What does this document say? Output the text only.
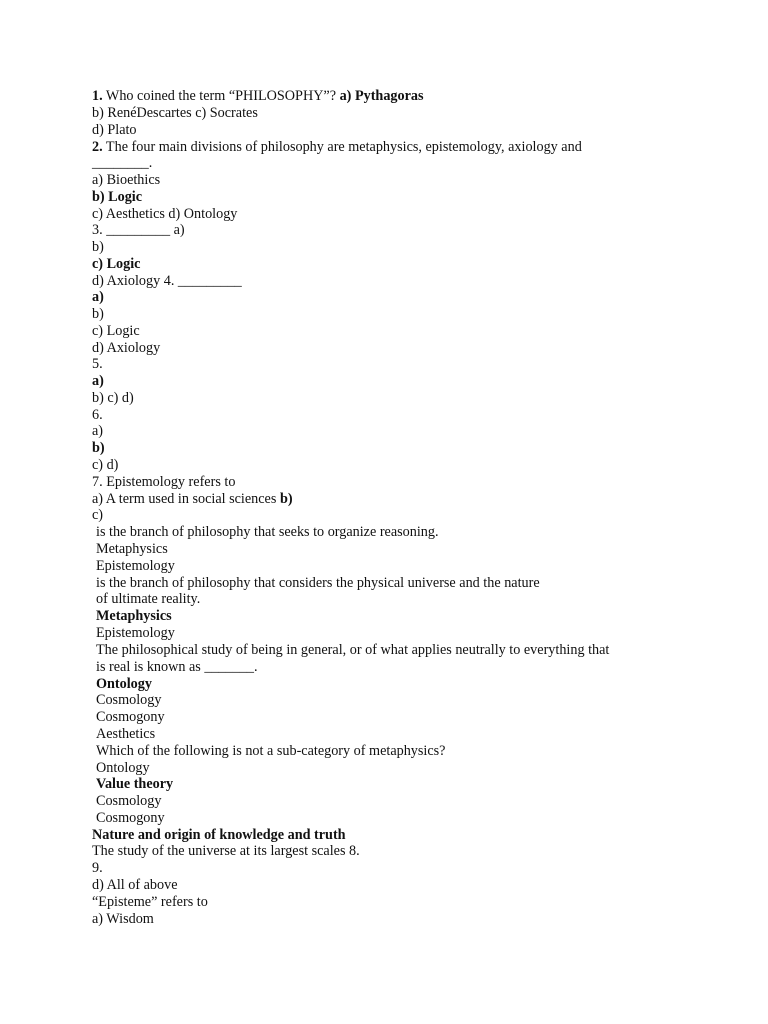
1. Who coined the term “PHILOSOPHY”? a) Pythagoras
b) RenéDescartes c) Socrates
d) Plato
2. The four main divisions of philosophy are metaphysics, epistemology, axiology and
________.
a) Bioethics
b) Logic
c) Aesthetics d) Ontology
3. _________ a)
b)
c) Logic
d) Axiology 4. _________
a)
b)
c) Logic
d) Axiology
5.
a)
b) c) d)
6.
a)
b)
c) d)
7. Epistemology refers to
a) A term used in social sciences b)
c)
is the branch of philosophy that seeks to organize reasoning.
Metaphysics
Epistemology
is the branch of philosophy that considers the physical universe and the nature
of ultimate reality.
Metaphysics
Epistemology
The philosophical study of being in general, or of what applies neutrally to everything that
is real is known as _______.
Ontology
Cosmology
Cosmogony
Aesthetics
Which of the following is not a sub-category of metaphysics?
Ontology
Value theory
Cosmology
Cosmogony
Nature and origin of knowledge and truth
The study of the universe at its largest scales 8.
9.
d) All of above
“Episteme” refers to
a) Wisdom
